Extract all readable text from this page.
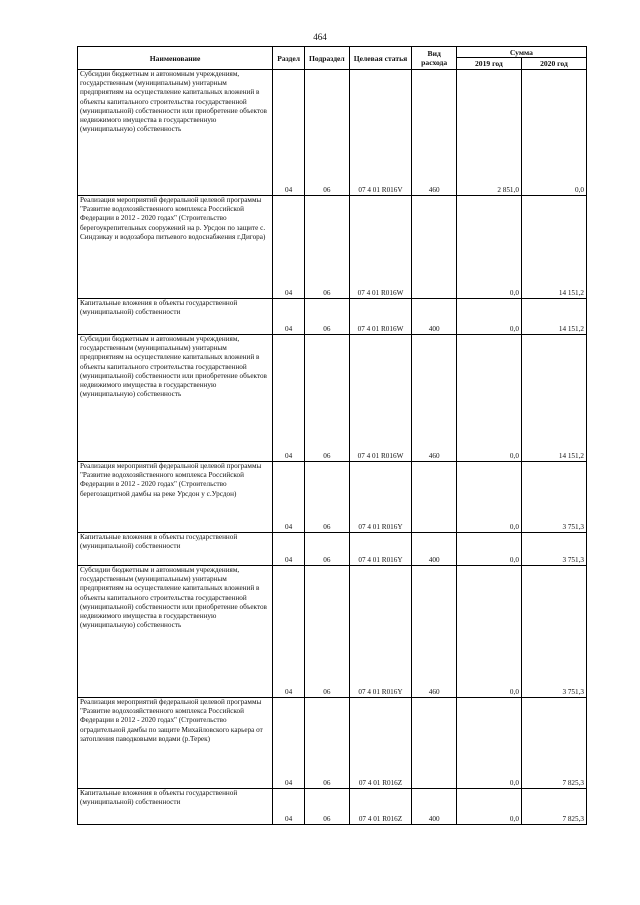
464
Наименование	Раздел	Подраздел	Целевая статья	Вид расхода	Сумма	
					2019 год	2020 год
Субсидии бюджетным и автономным учреждениям, государственным (муниципальным) унитарным предприятиям на осуществление капитальных вложений в объекты капитального строительства государственной (муниципальной) собственности или приобретение объектов недвижимого имущества в государственную (муниципальную) собственность	04	06	07 4 01 R016V	460	2 851,0	0,0
Реализация мероприятий федеральной целевой программы "Развитие водохозяйственного комплекса Российской Федерации в 2012 - 2020 годах" (Строительство берегоукрепительных сооружений на р. Урсдон по защите с. Синдзикау и водозабора питьевого водоснабжения г.Дигора)	04	06	07 4 01 R016W		0,0	14 151,2
Капитальные вложения в объекты государственной (муниципальной) собственности	04	06	07 4 01 R016W	400	0,0	14 151,2
Субсидии бюджетным и автономным учреждениям, государственным (муниципальным) унитарным предприятиям на осуществление капитальных вложений в объекты капитального строительства государственной (муниципальной) собственности или приобретение объектов недвижимого имущества в государственную (муниципальную) собственность	04	06	07 4 01 R016W	460	0,0	14 151,2
Реализация мероприятий федеральной целевой программы "Развитие водохозяйственного комплекса Российской Федерации в 2012 - 2020 годах" (Строительство берегозащитной дамбы на реке Урсдон у с.Урсдон)	04	06	07 4 01 R016Y		0,0	3 751,3
Капитальные вложения в объекты государственной (муниципальной) собственности	04	06	07 4 01 R016Y	400	0,0	3 751,3
Субсидии бюджетным и автономным учреждениям, государственным (муниципальным) унитарным предприятиям на осуществление капитальных вложений в объекты капитального строительства государственной (муниципальной) собственности или приобретение объектов недвижимого имущества в государственную (муниципальную) собственность	04	06	07 4 01 R016Y	460	0,0	3 751,3
Реализация мероприятий федеральной целевой программы "Развитие водохозяйственного комплекса Российской Федерации в 2012 - 2020 годах" (Строительство оградительной дамбы по защите Михайловского карьера от затопления паводковыми водами (р.Терек)	04	06	07 4 01 R016Z		0,0	7 825,3
Капитальные вложения в объекты государственной (муниципальной) собственности	04	06	07 4 01 R016Z	400	0,0	7 825,3
